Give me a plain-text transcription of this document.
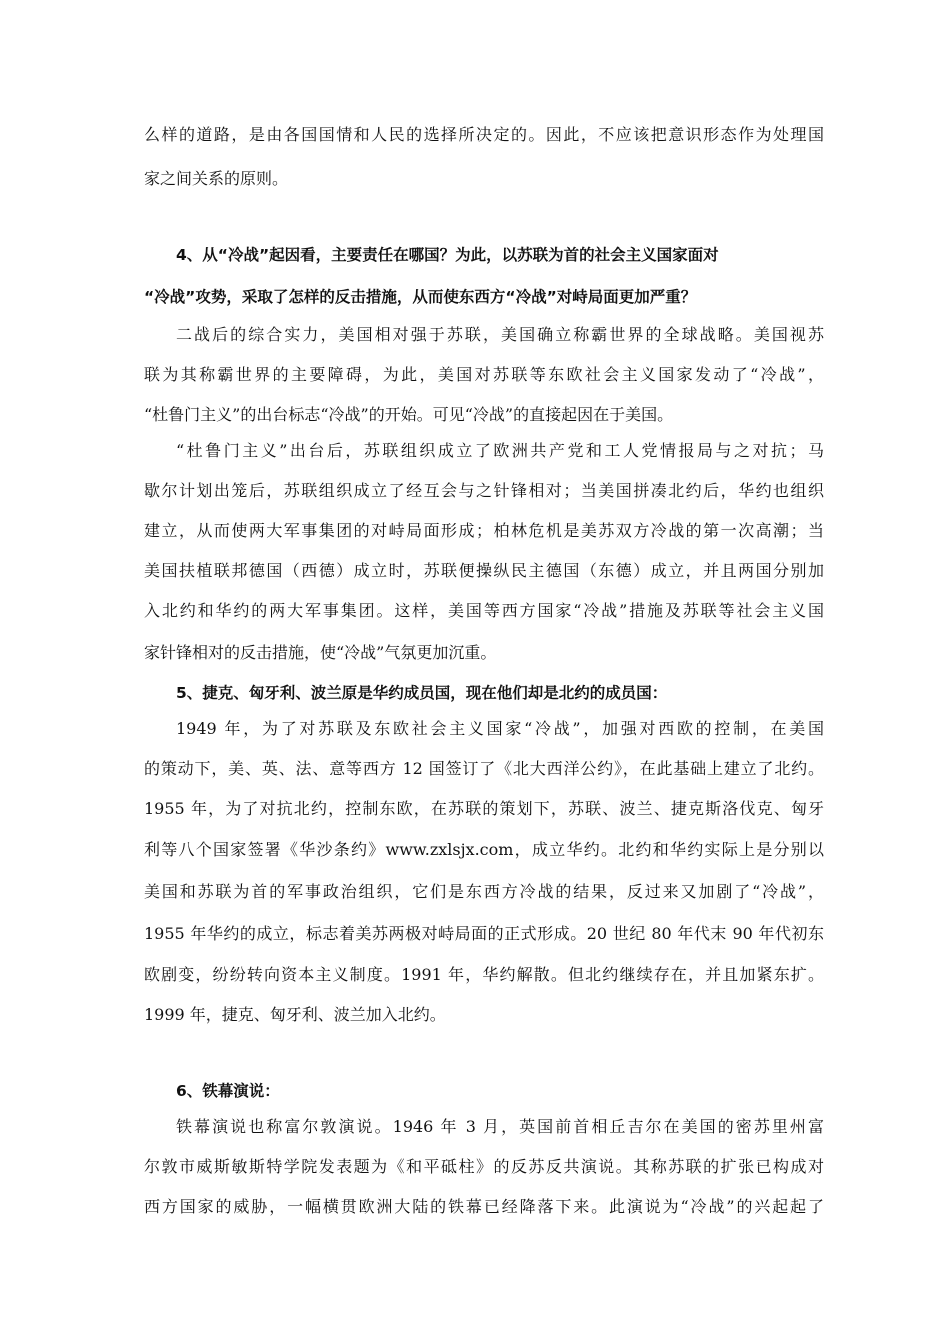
么样的道路，是由各国国情和人民的选择所决定的。因此，不应该把意识形态作为处理国
家之间关系的原则。
4、从“冷战”起因看，主要责任在哪国？为此，以苏联为首的社会主义国家面对
“冷战”攻势，采取了怎样的反击措施，从而使东西方“冷战”对峙局面更加严重？
二战后的综合实力，美国相对强于苏联，美国确立称霸世界的全球战略。美国视苏
联为其称霸世界的主要障碍，为此，美国对苏联等东欧社会主义国家发动了“冷战”，
“杜鲁门主义”的出台标志“冷战”的开始。可见“冷战”的直接起因在于美国。
“杜鲁门主义”出台后，苏联组织成立了欧洲共产党和工人党情报局与之对抗；马
歇尔计划出笼后，苏联组织成立了经互会与之针锋相对；当美国拼凑北约后，华约也组织
建立，从而使两大军事集团的对峙局面形成；柏林危机是美苏双方冷战的第一次高潮；当
美国扶植联邦德国（西德）成立时，苏联便操纵民主德国（东德）成立，并且两国分别加
入北约和华约的两大军事集团。这样，美国等西方国家“冷战”措施及苏联等社会主义国
家针锋相对的反击措施，使“冷战”气氛更加沉重。
5、捷克、匈牙利、波兰原是华约成员国，现在他们却是北约的成员国：
1949 年，为了对苏联及东欧社会主义国家“冷战”，加强对西欧的控制，在美国
的策动下，美、英、法、意等西方 12 国签订了《北大西洋公约》，在此基础上建立了北约。
1955 年，为了对抗北约，控制东欧，在苏联的策划下，苏联、波兰、捷克斯洛伐克、匈牙
利等八个国家签署《华沙条约》www.zxlsjx.com，成立华约。北约和华约实际上是分别以
美国和苏联为首的军事政治组织，它们是东西方冷战的结果，反过来又加剧了“冷战”，
1955 年华约的成立，标志着美苏两极对峙局面的正式形成。20 世纪 80 年代末 90 年代初东
欧剧变，纷纷转向资本主义制度。1991 年，华约解散。但北约继续存在，并且加紧东扩。
1999 年，捷克、匈牙利、波兰加入北约。
6、铁幕演说：
铁幕演说也称富尔敦演说。1946 年 3 月，英国前首相丘吉尔在美国的密苏里州富
尔敦市威斯敏斯特学院发表题为《和平砥柱》的反苏反共演说。其称苏联的扩张已构成对
西方国家的威胁，一幅横贯欧洲大陆的铁幕已经降落下来。此演说为“冷战”的兴起起了
